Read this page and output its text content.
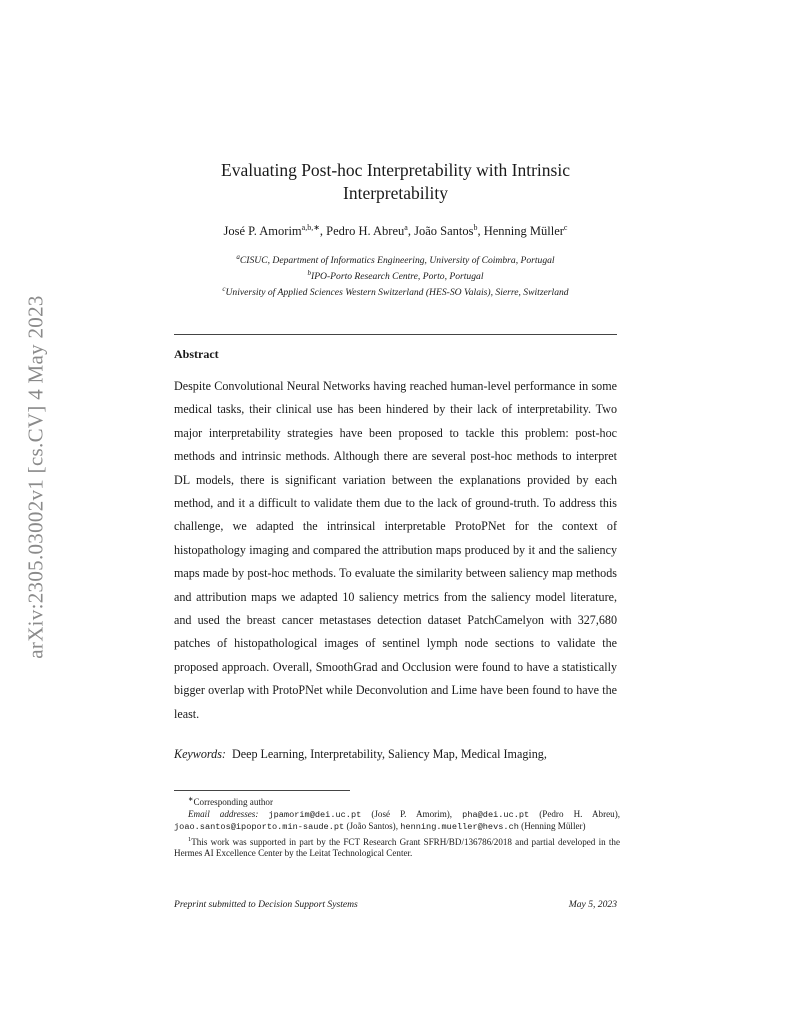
arXiv:2305.03002v1 [cs.CV] 4 May 2023
Evaluating Post-hoc Interpretability with Intrinsic Interpretability
José P. Amorim$^{a,b,∗}$, Pedro H. Abreu$^a$, João Santos$^b$, Henning Müller$^c$
$^a$CISUC, Department of Informatics Engineering, University of Coimbra, Portugal
$^b$IPO-Porto Research Centre, Porto, Portugal
$^c$University of Applied Sciences Western Switzerland (HES-SO Valais), Sierre, Switzerland
Abstract
Despite Convolutional Neural Networks having reached human-level performance in some medical tasks, their clinical use has been hindered by their lack of interpretability. Two major interpretability strategies have been proposed to tackle this problem: post-hoc methods and intrinsic methods. Although there are several post-hoc methods to interpret DL models, there is significant variation between the explanations provided by each method, and it a difficult to validate them due to the lack of ground-truth. To address this challenge, we adapted the intrinsical interpretable ProtoPNet for the context of histopathology imaging and compared the attribution maps produced by it and the saliency maps made by post-hoc methods. To evaluate the similarity between saliency map methods and attribution maps we adapted 10 saliency metrics from the saliency model literature, and used the breast cancer metastases detection dataset PatchCamelyon with 327,680 patches of histopathological images of sentinel lymph node sections to validate the proposed approach. Overall, SmoothGrad and Occlusion were found to have a statistically bigger overlap with ProtoPNet while Deconvolution and Lime have been found to have the least.
Keywords: Deep Learning, Interpretability, Saliency Map, Medical Imaging,

∗Corresponding author

Email addresses: jpamorim@dei.uc.pt (José P. Amorim), pha@dei.uc.pt (Pedro H. Abreu), joao.santos@ipoporto.min-saude.pt (João Santos), henning.mueller@hevs.ch (Henning Müller)

$^1$This work was supported in part by the FCT Research Grant SFRH/BD/136786/2018 and partial developed in the Hermes AI Excellence Center by the Leitat Technological Center.

Preprint submitted to Decision Support Systems	May 5, 2023
